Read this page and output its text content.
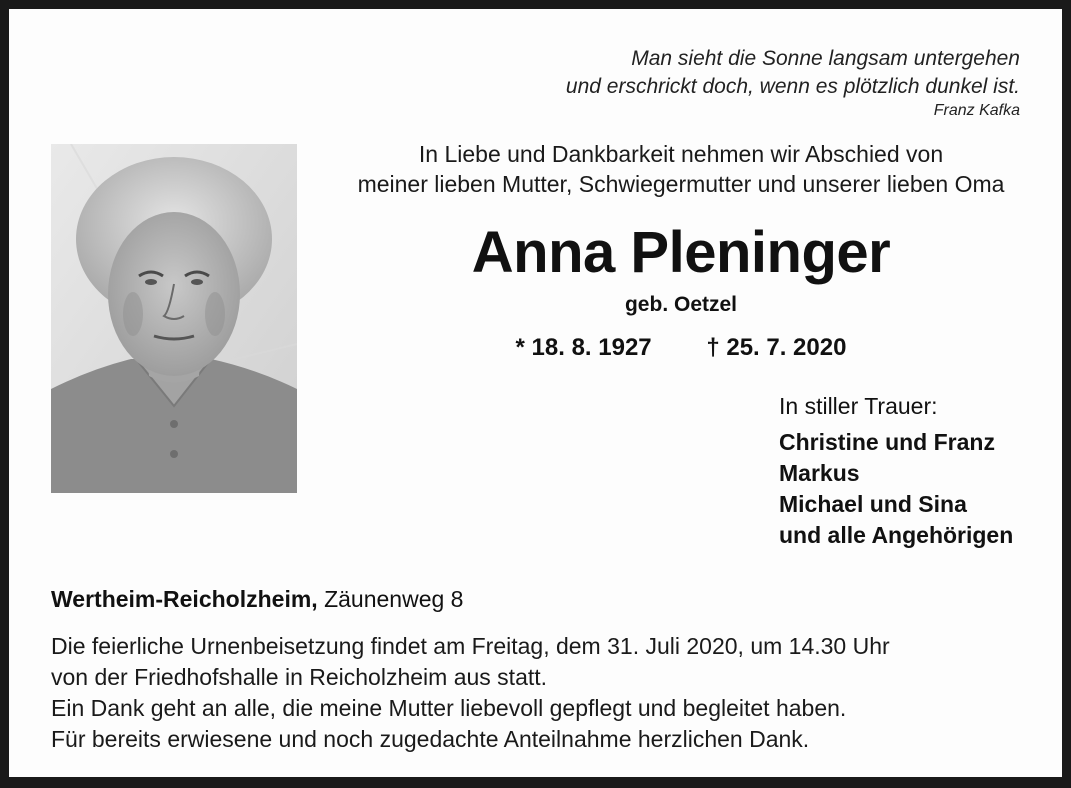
Man sieht die Sonne langsam untergehen
und erschrickt doch, wenn es plötzlich dunkel ist.
Franz Kafka
In Liebe und Dankbarkeit nehmen wir Abschied von
meiner lieben Mutter, Schwiegermutter und unserer lieben Oma
Anna Pleninger
geb. Oetzel
* 18. 8. 1927 † 25. 7. 2020
In stiller Trauer:
Christine und Franz
Markus
Michael und Sina
und alle Angehörigen
Wertheim-Reicholzheim, Zäunenweg 8
Die feierliche Urnenbeisetzung findet am Freitag, dem 31. Juli 2020, um 14.30 Uhr
von der Friedhofshalle in Reicholzheim aus statt.
Ein Dank geht an alle, die meine Mutter liebevoll gepflegt und begleitet haben.
Für bereits erwiesene und noch zugedachte Anteilnahme herzlichen Dank.
